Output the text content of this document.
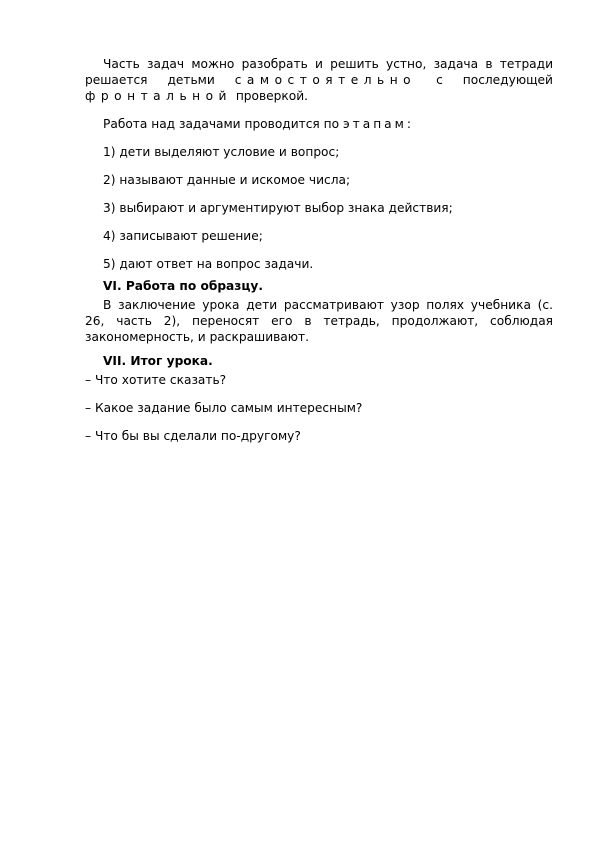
Часть задач можно разобрать и решить устно, задача в тетради решается детьми самостоятельно с последующей фронтальной проверкой.

Работа над задачами проводится по этапам:

1) дети выделяют условие и вопрос;

2) называют данные и искомое числа;

3) выбирают и аргументируют выбор знака действия;

4) записывают решение;

5) дают ответ на вопрос задачи.

VI. Работа по образцу.

В заключение урока дети рассматривают узор полях учебника (с. 26, часть 2), переносят его в тетрадь, продолжают, соблюдая закономерность, и раскрашивают.

VII. Итог урока.

– Что хотите сказать?

– Какое задание было самым интересным?

– Что бы вы сделали по-другому?
